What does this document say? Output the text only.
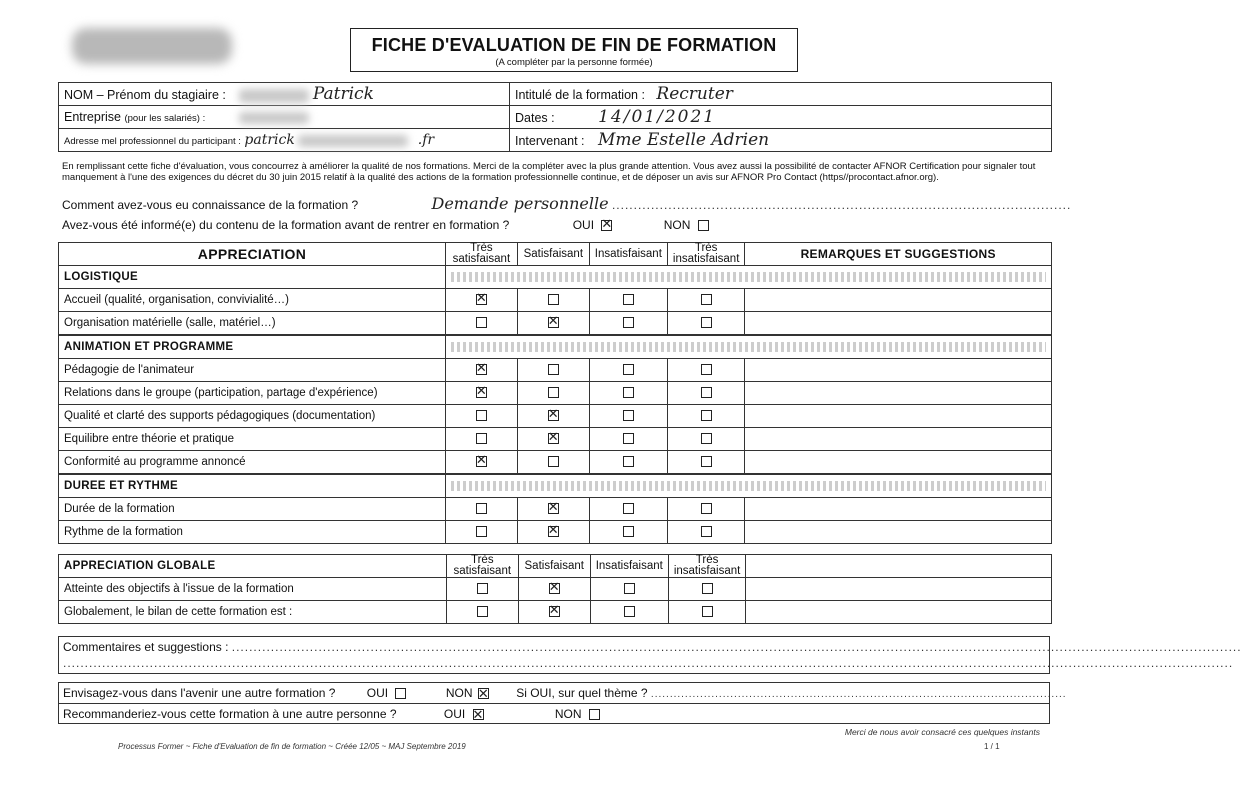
FICHE D'EVALUATION DE FIN DE FORMATION
(A compléter par la personne formée)
NOM – Prénom du stagiaire : Patrick	Intitulé de la formation : Recruter
Entreprise (pour les salariés) :	Dates : 14/01/2021
Adresse mel professionnel du participant : patrick .fr	Intervenant : Mme Estelle Adrien
En remplissant cette fiche d'évaluation, vous concourrez à améliorer la qualité de nos formations. Merci de la compléter avec la plus grande attention. Vous avez aussi la possibilité de contacter AFNOR Certification pour signaler tout manquement à l'une des exigences du décret du 30 juin 2015 relatif à la qualité des actions de la formation professionnelle continue, et de déposer un avis sur AFNOR Pro Contact (https//procontact.afnor.org).
Comment avez-vous eu connaissance de la formation ?	Demande personnelle ..........................................................................................................
Avez-vous été informé(e) du contenu de la formation avant de rentrer en formation ?	OUI ✕	NON
APPRECIATION	Très satisfaisant	Satisfaisant	Insatisfaisant	Très insatisfaisant	REMARQUES ET SUGGESTIONS
LOGISTIQUE					

Accueil (qualité, organisation, convivialité…)	✕				
Organisation matérielle (salle, matériel…)		✕			
ANIMATION ET PROGRAMME					

Pédagogie de l'animateur	✕				
Relations dans le groupe (participation, partage d'expérience)	✕				
Qualité et clarté des supports pédagogiques (documentation)		✕			
Equilibre entre théorie et pratique		✕			
Conformité au programme annoncé	✕				
DUREE ET RYTHME					

Durée de la formation		✕			
Rythme de la formation		✕			
APPRECIATION GLOBALE	Très satisfaisant	Satisfaisant	Insatisfaisant	Très insatisfaisant	
Atteinte des objectifs à l'issue de la formation		✕			
Globalement, le bilan de cette formation est :		✕			
Commentaires et suggestions : .........................................................................................................................................................................................................................................
..............................................................................................................................................................................................................................................................................
Envisagez-vous dans l'avenir une autre formation ?	OUI	NON ✕	Si OUI, sur quel thème ? ..............................................................................................................
Recommanderiez-vous cette formation à une autre personne ?	OUI ✕	NON
Merci de nous avoir consacré ces quelques instants
Processus Former ~ Fiche d'Evaluation de fin de formation ~ Créée 12/05 ~ MAJ Septembre 2019	1 / 1
